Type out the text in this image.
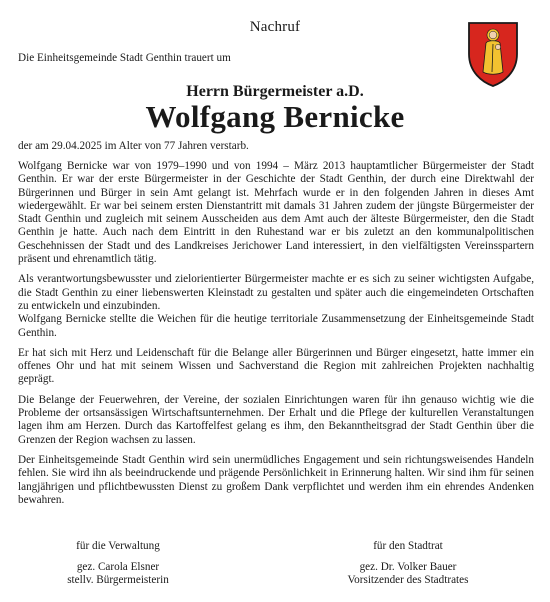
Nachruf
Die Einheitsgemeinde Stadt Genthin trauert um
Herrn Bürgermeister a.D.
Wolfgang Bernicke
der am 29.04.2025 im Alter von 77 Jahren verstarb.

Wolfgang Bernicke war von 1979–1990 und von 1994 – März 2013 hauptamtlicher Bürgermeister der Stadt Genthin. Er war der erste Bürgermeister in der Geschichte der Stadt Genthin, der durch eine Direktwahl der Bürgerinnen und Bürger in sein Amt gelangt ist. Mehrfach wurde er in den folgenden Jahren in dieses Amt wiedergewählt. Er war bei seinem ersten Dienstantritt mit damals 31 Jahren zudem der jüngste Bürgermeister der Stadt Genthin und zugleich mit seinem Ausscheiden aus dem Amt auch der älteste Bürgermeister, den die Stadt Genthin je hatte. Auch nach dem Eintritt in den Ruhestand war er bis zuletzt an den kommunalpolitischen Geschehnissen der Stadt und des Landkreises Jerichower Land interessiert, in den vielfältigsten Vereinsspartern präsent und ehrenamtlich tätig.

Als verantwortungsbewusster und zielorientierter Bürgermeister machte er es sich zu seiner wichtigsten Aufgabe, die Stadt Genthin zu einer liebenswerten Kleinstadt zu gestalten und später auch die eingemeindeten Ortschaften zu entwickeln und einzubinden.

Wolfgang Bernicke stellte die Weichen für die heutige territoriale Zusammensetzung der Einheitsgemeinde Stadt Genthin.

Er hat sich mit Herz und Leidenschaft für die Belange aller Bürgerinnen und Bürger eingesetzt, hatte immer ein offenes Ohr und hat mit seinem Wissen und Sachverstand die Region mit zahlreichen Projekten nachhaltig geprägt.

Die Belange der Feuerwehren, der Vereine, der sozialen Einrichtungen waren für ihn genauso wichtig wie die Probleme der ortsansässigen Wirtschaftsunternehmen. Der Erhalt und die Pflege der kulturellen Veranstaltungen lagen ihm am Herzen. Durch das Kartoffelfest gelang es ihm, den Bekanntheitsgrad der Stadt Genthin über die Grenzen der Region wachsen zu lassen.

Der Einheitsgemeinde Stadt Genthin wird sein unermüdliches Engagement und sein richtungsweisendes Handeln fehlen. Sie wird ihn als beeindruckende und prägende Persönlichkeit in Erinnerung halten. Wir sind ihm für seinen langjährigen und pflichtbewussten Dienst zu großem Dank verpflichtet und werden ihm ein ehrendes Andenken bewahren.

für die Verwaltung
gez. Carola Elsner
stellv. Bürgermeisterin
für den Stadtrat
gez. Dr. Volker Bauer
Vorsitzender des Stadtrates
